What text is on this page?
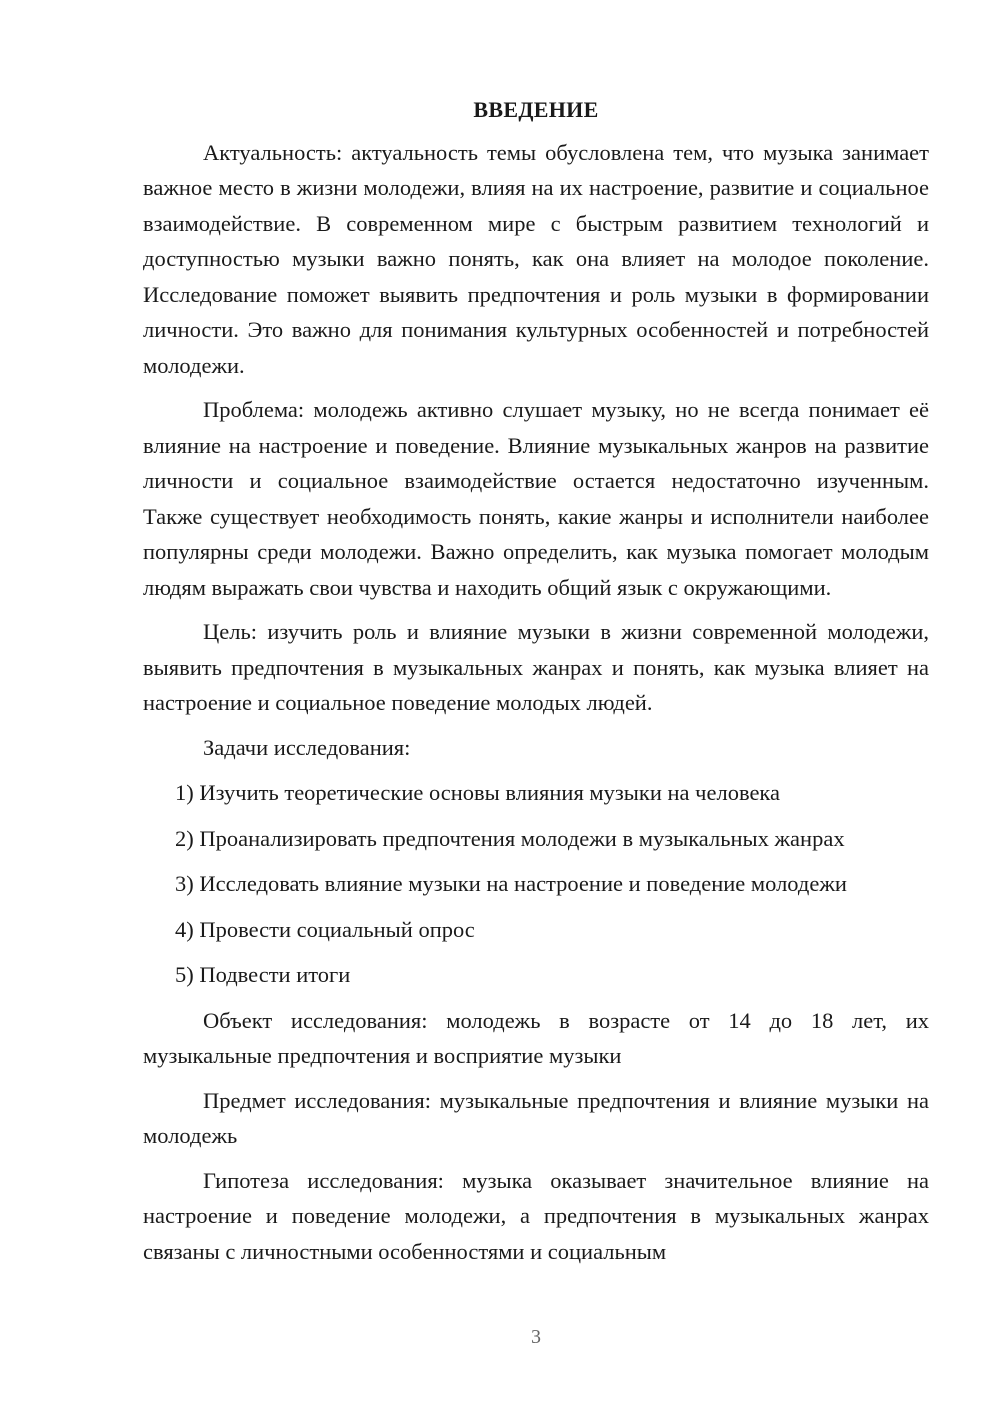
ВВЕДЕНИЕ

Актуальность: актуальность темы обусловлена тем, что музыка занимает важное место в жизни молодежи, влияя на их настроение, развитие и социальное взаимодействие. В современном мире с быстрым развитием технологий и доступностью музыки важно понять, как она влияет на молодое поколение. Исследование поможет выявить предпочтения и роль музыки в формировании личности. Это важно для понимания культурных особенностей и потребностей молодежи.

Проблема: молодежь активно слушает музыку, но не всегда понимает её влияние на настроение и поведение. Влияние музыкальных жанров на развитие личности и социальное взаимодействие остается недостаточно изученным. Также существует необходимость понять, какие жанры и исполнители наиболее популярны среди молодежи. Важно определить, как музыка помогает молодым людям выражать свои чувства и находить общий язык с окружающими.

Цель: изучить роль и влияние музыки в жизни современной молодежи, выявить предпочтения в музыкальных жанрах и понять, как музыка влияет на настроение и социальное поведение молодых людей.

Задачи исследования:
1) Изучить теоретические основы влияния музыки на человека
2) Проанализировать предпочтения молодежи в музыкальных жанрах
3) Исследовать влияние музыки на настроение и поведение молодежи
4) Провести социальный опрос
5) Подвести итоги

Объект исследования: молодежь в возрасте от 14 до 18 лет, их музыкальные предпочтения и восприятие музыки

Предмет исследования: музыкальные предпочтения и влияние музыки на молодежь

Гипотеза исследования: музыка оказывает значительное влияние на настроение и поведение молодежи, а предпочтения в музыкальных жанрах связаны с личностными особенностями и социальным

3
